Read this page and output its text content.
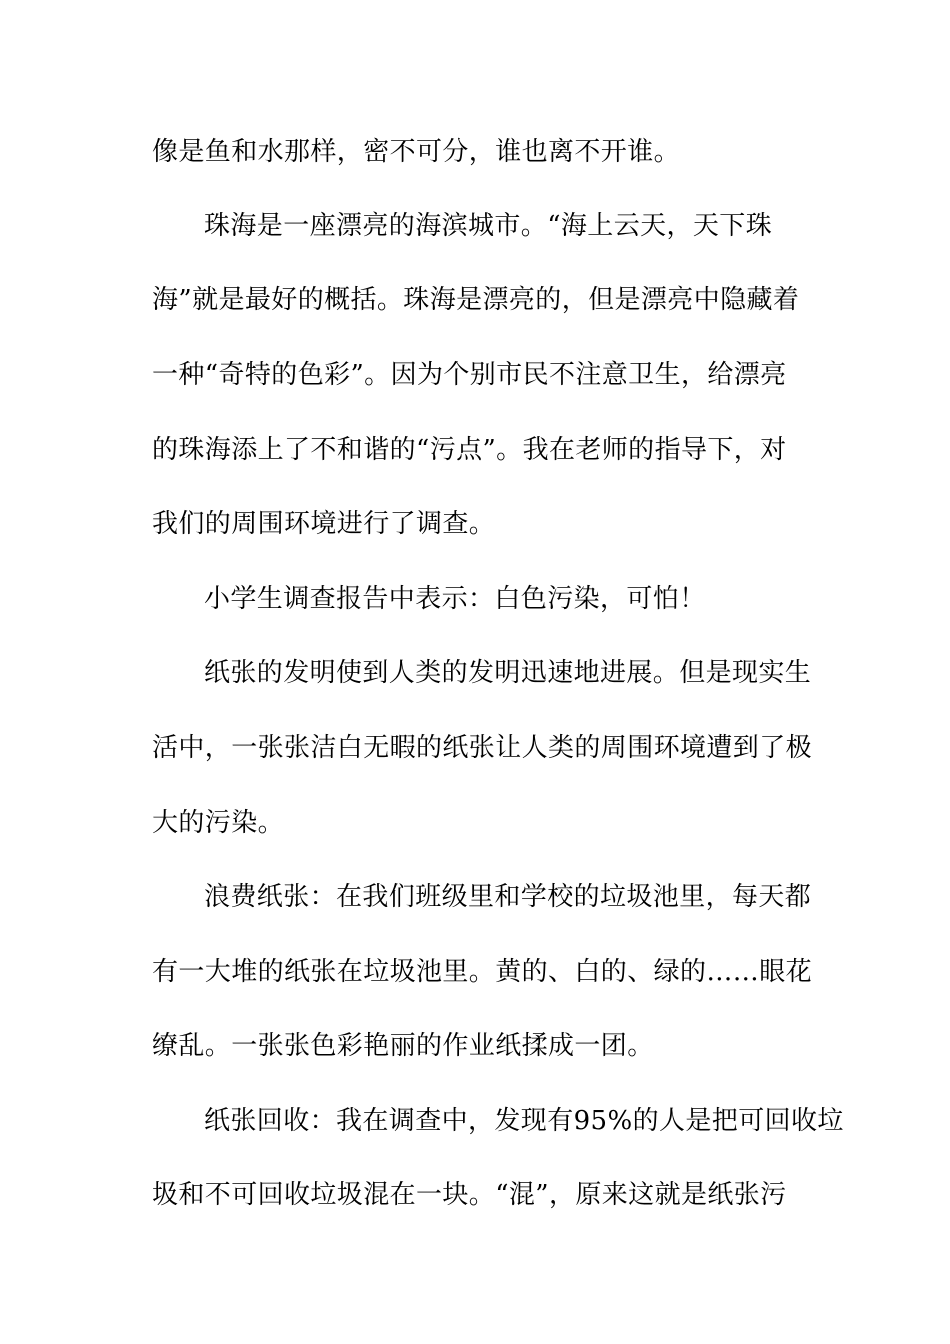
像是鱼和水那样，密不可分，谁也离不开谁。
珠海是一座漂亮的海滨城市。“海上云天，天下珠
海”就是最好的概括。珠海是漂亮的，但是漂亮中隐藏着
一种“奇特的色彩”。因为个别市民不注意卫生，给漂亮
的珠海添上了不和谐的“污点”。我在老师的指导下，对
我们的周围环境进行了调查。
小学生调查报告中表示：白色污染，可怕！
纸张的发明使到人类的发明迅速地进展。但是现实生
活中，一张张洁白无暇的纸张让人类的周围环境遭到了极
大的污染。
浪费纸张：在我们班级里和学校的垃圾池里，每天都
有一大堆的纸张在垃圾池里。黄的、白的、绿的……眼花
缭乱。一张张色彩艳丽的作业纸揉成一团。
纸张回收：我在调查中，发现有95%的人是把可回收垃
圾和不可回收垃圾混在一块。“混”，原来这就是纸张污
